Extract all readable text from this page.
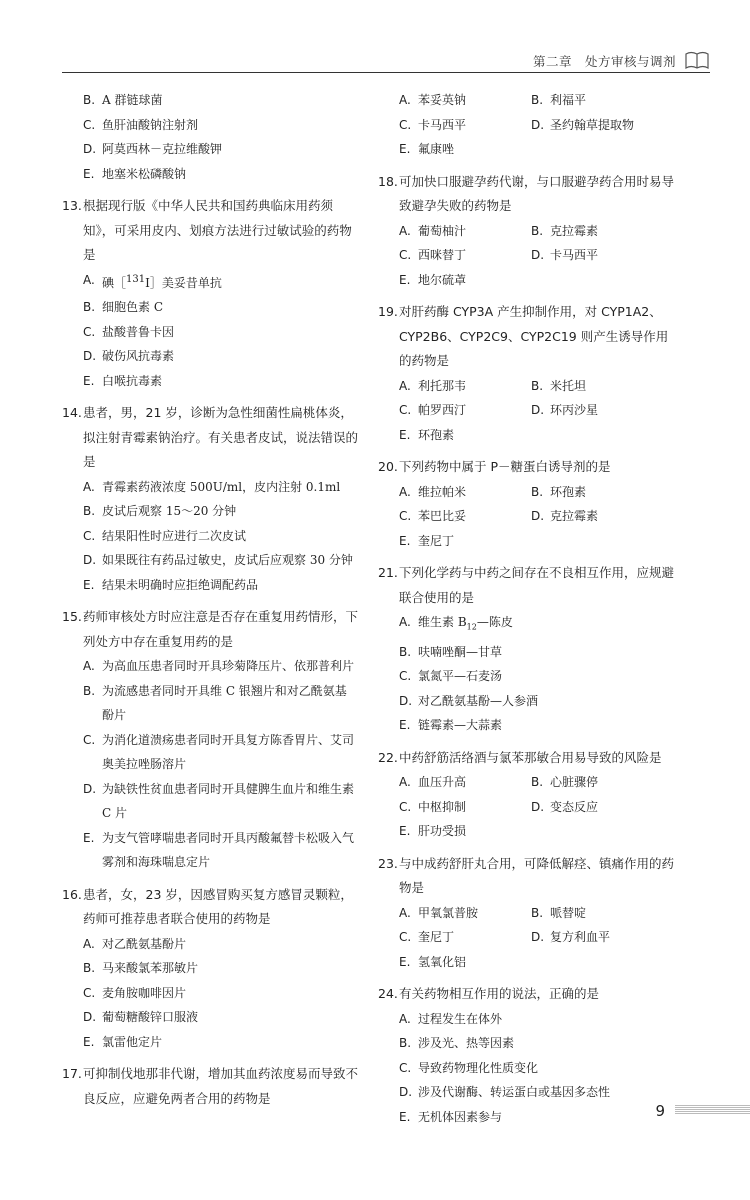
第二章　处方审核与调剂
B. A 群链球菌
C. 鱼肝油酸钠注射剂
D. 阿莫西林－克拉维酸钾
E. 地塞米松磷酸钠
13. 根据现行版《中华人民共和国药典临床用药须知》，可采用皮内、划痕方法进行过敏试验的药物是
A. 碘［$^{131}$I］美妥昔单抗
B. 细胞色素 C
C. 盐酸普鲁卡因
D. 破伤风抗毒素
E. 白喉抗毒素
14. 患者，男，21 岁，诊断为急性细菌性扁桃体炎，拟注射青霉素钠治疗。有关患者皮试，说法错误的是
A. 青霉素药液浓度 500U/ml，皮内注射 0.1ml
B. 皮试后观察 15～20 分钟
C. 结果阳性时应进行二次皮试
D. 如果既往有药品过敏史，皮试后应观察 30 分钟
E. 结果未明确时应拒绝调配药品
15. 药师审核处方时应注意是否存在重复用药情形，下列处方中存在重复用药的是
A. 为高血压患者同时开具珍菊降压片、依那普利片
B. 为流感患者同时开具维 C 银翘片和对乙酰氨基酚片
C. 为消化道溃疡患者同时开具复方陈香胃片、艾司奥美拉唑肠溶片
D. 为缺铁性贫血患者同时开具健脾生血片和维生素 C 片
E. 为支气管哮喘患者同时开具丙酸氟替卡松吸入气雾剂和海珠喘息定片
16. 患者，女，23 岁，因感冒购买复方感冒灵颗粒，药师可推荐患者联合使用的药物是
A. 对乙酰氨基酚片
B. 马来酸氯苯那敏片
C. 麦角胺咖啡因片
D. 葡萄糖酸锌口服液
E. 氯雷他定片
17. 可抑制伐地那非代谢，增加其血药浓度易而导致不良反应，应避免两者合用的药物是
A. 苯妥英钠	B. 利福平
C. 卡马西平	D. 圣约翰草提取物
E. 氟康唑
18. 可加快口服避孕药代谢，与口服避孕药合用时易导致避孕失败的药物是
A. 葡萄柚汁	B. 克拉霉素
C. 西咪替丁	D. 卡马西平
E. 地尔硫䓬
19. 对肝药酶 CYP3A 产生抑制作用，对 CYP1A2、CYP2B6、CYP2C9、CYP2C19 则产生诱导作用的药物是
A. 利托那韦	B. 米托坦
C. 帕罗西汀	D. 环丙沙星
E. 环孢素
20. 下列药物中属于 P－糖蛋白诱导剂的是
A. 维拉帕米	B. 环孢素
C. 苯巴比妥	D. 克拉霉素
E. 奎尼丁
21. 下列化学药与中药之间存在不良相互作用，应规避联合使用的是
A. 维生素 $B_{12}—$陈皮
B. 呋喃唑酮—甘草
C. 氯氮平—石麦汤
D. 对乙酰氨基酚—人参酒
E. 链霉素—大蒜素
22. 中药舒筋活络酒与氯苯那敏合用易导致的风险是
A. 血压升高	B. 心脏骤停
C. 中枢抑制	D. 变态反应
E. 肝功受损
23. 与中成药舒肝丸合用，可降低解痉、镇痛作用的药物是
A. 甲氧氯普胺	B. 哌替啶
C. 奎尼丁	D. 复方利血平
E. 氢氧化铝
24. 有关药物相互作用的说法，正确的是
A. 过程发生在体外
B. 涉及光、热等因素
C. 导致药物理化性质变化
D. 涉及代谢酶、转运蛋白或基因多态性
E. 无机体因素参与	9
